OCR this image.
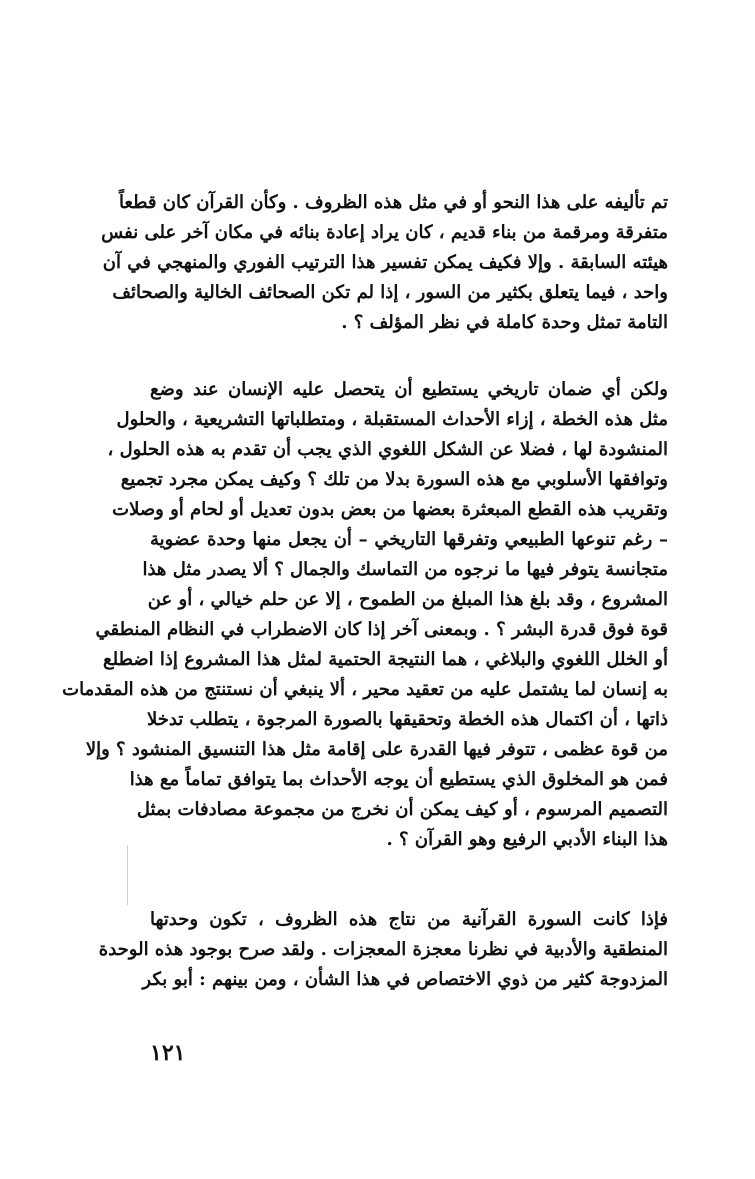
تم تأليفه على هذا النحو أو في مثل هذه الظروف . وكأن القرآن كان قطعاً
متفرقة ومرقمة من بناء قديم ، كان يراد إعادة بنائه في مكان آخر على نفس
هيئته السابقة . وإلا فكيف يمكن تفسير هذا الترتيب الفوري والمنهجي في آن
واحد ، فيما يتعلق بكثير من السور ، إذا لم تكن الصحائف الخالية والصحائف
التامة تمثل وحدة كاملة في نظر المؤلف ؟ .
ولكن أي ضمان تاريخي يستطيع أن يتحصل عليه الإنسان عند وضع
مثل هذه الخطة ، إزاء الأحداث المستقبلة ، ومتطلباتها التشريعية ، والحلول
المنشودة لها ، فضلا عن الشكل اللغوي الذي يجب أن تقدم به هذه الحلول ،
وتوافقها الأسلوبي مع هذه السورة بدلا من تلك ؟ وكيف يمكن مجرد تجميع
وتقريب هذه القطع المبعثرة بعضها من بعض بدون تعديل أو لحام أو وصلات
– رغم تنوعها الطبيعي وتفرقها التاريخي – أن يجعل منها وحدة عضوية
متجانسة يتوفر فيها ما نرجوه من التماسك والجمال ؟ ألا يصدر مثل هذا
المشروع ، وقد بلغ هذا المبلغ من الطموح ، إلا عن حلم خيالي ، أو عن
قوة فوق قدرة البشر ؟ . وبمعنى آخر إذا كان الاضطراب في النظام المنطقي
أو الخلل اللغوي والبلاغي ، هما النتيجة الحتمية لمثل هذا المشروع إذا اضطلع
به إنسان لما يشتمل عليه من تعقيد محير ، ألا ينبغي أن نستنتج من هذه المقدمات
ذاتها ، أن اكتمال هذه الخطة وتحقيقها بالصورة المرجوة ، يتطلب تدخلا
من قوة عظمى ، تتوفر فيها القدرة على إقامة مثل هذا التنسيق المنشود ؟ وإلا
فمن هو المخلوق الذي يستطيع أن يوجه الأحداث بما يتوافق تماماً مع هذا
التصميم المرسوم ، أو كيف يمكن أن نخرج من مجموعة مصادفات بمثل
هذا البناء الأدبي الرفيع وهو القرآن ؟ .
فإذا كانت السورة القرآنية من نتاج هذه الظروف ، تكون وحدتها
المنطقية والأدبية في نظرنا معجزة المعجزات . ولقد صرح بوجود هذه الوحدة
المزدوجة كثير من ذوي الاختصاص في هذا الشأن ، ومن بينهم : أبو بكر
١٢١
